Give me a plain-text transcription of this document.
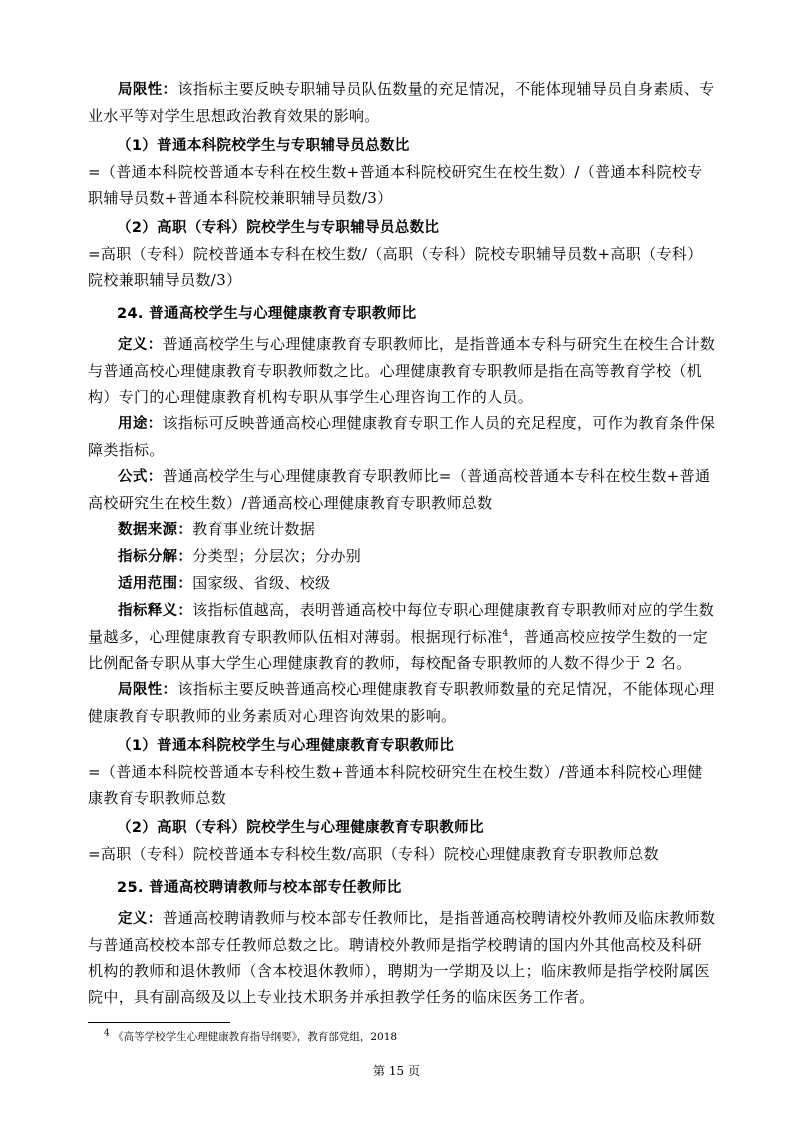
局限性：该指标主要反映专职辅导员队伍数量的充足情况，不能体现辅导员自身素质、专业水平等对学生思想政治教育效果的影响。

（1）普通本科院校学生与专职辅导员总数比

=（普通本科院校普通本专科在校生数+普通本科院校研究生在校生数）/（普通本科院校专职辅导员数+普通本科院校兼职辅导员数/3）

（2）高职（专科）院校学生与专职辅导员总数比

=高职（专科）院校普通本专科在校生数/（高职（专科）院校专职辅导员数+高职（专科）院校兼职辅导员数/3）

24. 普通高校学生与心理健康教育专职教师比

定义：普通高校学生与心理健康教育专职教师比，是指普通本专科与研究生在校生合计数与普通高校心理健康教育专职教师数之比。心理健康教育专职教师是指在高等教育学校（机构）专门的心理健康教育机构专职从事学生心理咨询工作的人员。

用途：该指标可反映普通高校心理健康教育专职工作人员的充足程度，可作为教育条件保障类指标。

公式：普通高校学生与心理健康教育专职教师比=（普通高校普通本专科在校生数+普通高校研究生在校生数）/普通高校心理健康教育专职教师总数

数据来源：教育事业统计数据

指标分解：分类型；分层次；分办别

适用范围：国家级、省级、校级

指标释义：该指标值越高，表明普通高校中每位专职心理健康教育专职教师对应的学生数量越多，心理健康教育专职教师队伍相对薄弱。根据现行标准$^4$，普通高校应按学生数的一定比例配备专职从事大学生心理健康教育的教师，每校配备专职教师的人数不得少于 2 名。

局限性：该指标主要反映普通高校心理健康教育专职教师数量的充足情况，不能体现心理健康教育专职教师的业务素质对心理咨询效果的影响。

（1）普通本科院校学生与心理健康教育专职教师比

=（普通本科院校普通本专科校生数+普通本科院校研究生在校生数）/普通本科院校心理健康教育专职教师总数

（2）高职（专科）院校学生与心理健康教育专职教师比

=高职（专科）院校普通本专科校生数/高职（专科）院校心理健康教育专职教师总数

25. 普通高校聘请教师与校本部专任教师比

定义：普通高校聘请教师与校本部专任教师比，是指普通高校聘请校外教师及临床教师数与普通高校校本部专任教师总数之比。聘请校外教师是指学校聘请的国内外其他高校及科研机构的教师和退休教师（含本校退休教师），聘期为一学期及以上；临床教师是指学校附属医院中，具有副高级及以上专业技术职务并承担教学任务的临床医务工作者。

$^4$ 《高等学校学生心理健康教育指导纲要》，教育部党组，2018
第 15 页
